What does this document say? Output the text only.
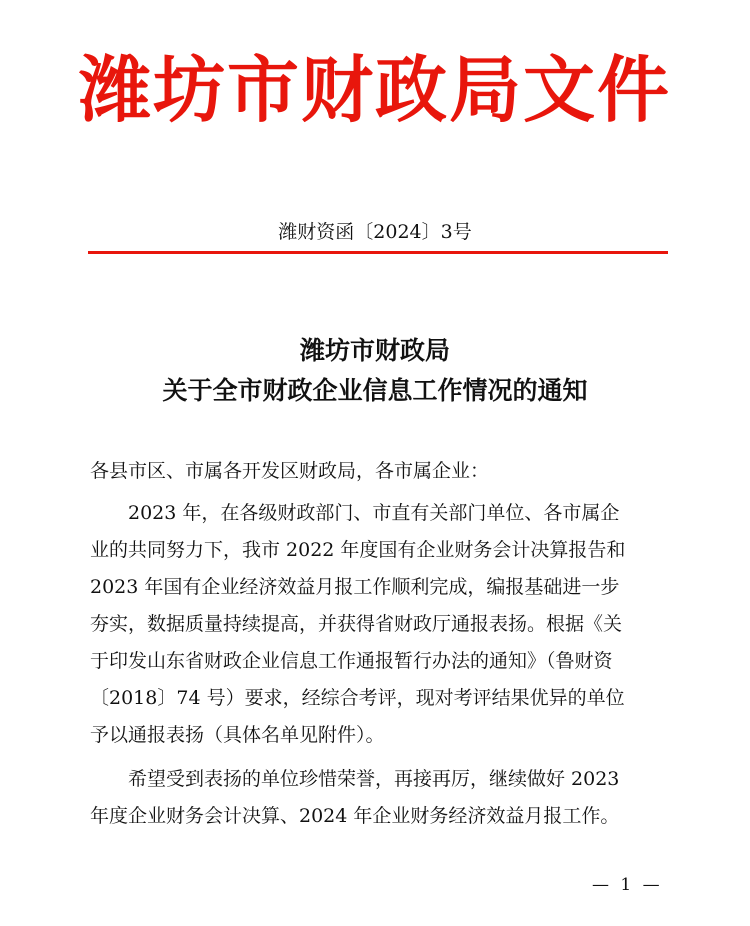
潍坊市财政局文件
潍财资函〔2024〕3号
潍坊市财政局
关于全市财政企业信息工作情况的通知
各县市区、市属各开发区财政局，各市属企业：
2023 年，在各级财政部门、市直有关部门单位、各市属企
业的共同努力下，我市 2022 年度国有企业财务会计决算报告和
2023 年国有企业经济效益月报工作顺利完成，编报基础进一步
夯实，数据质量持续提高，并获得省财政厅通报表扬。根据《关
于印发山东省财政企业信息工作通报暂行办法的通知》（鲁财资
〔2018〕74 号）要求，经综合考评，现对考评结果优异的单位
予以通报表扬（具体名单见附件）。
希望受到表扬的单位珍惜荣誉，再接再厉，继续做好 2023
年度企业财务会计决算、2024 年企业财务经济效益月报工作。
— 1 —
